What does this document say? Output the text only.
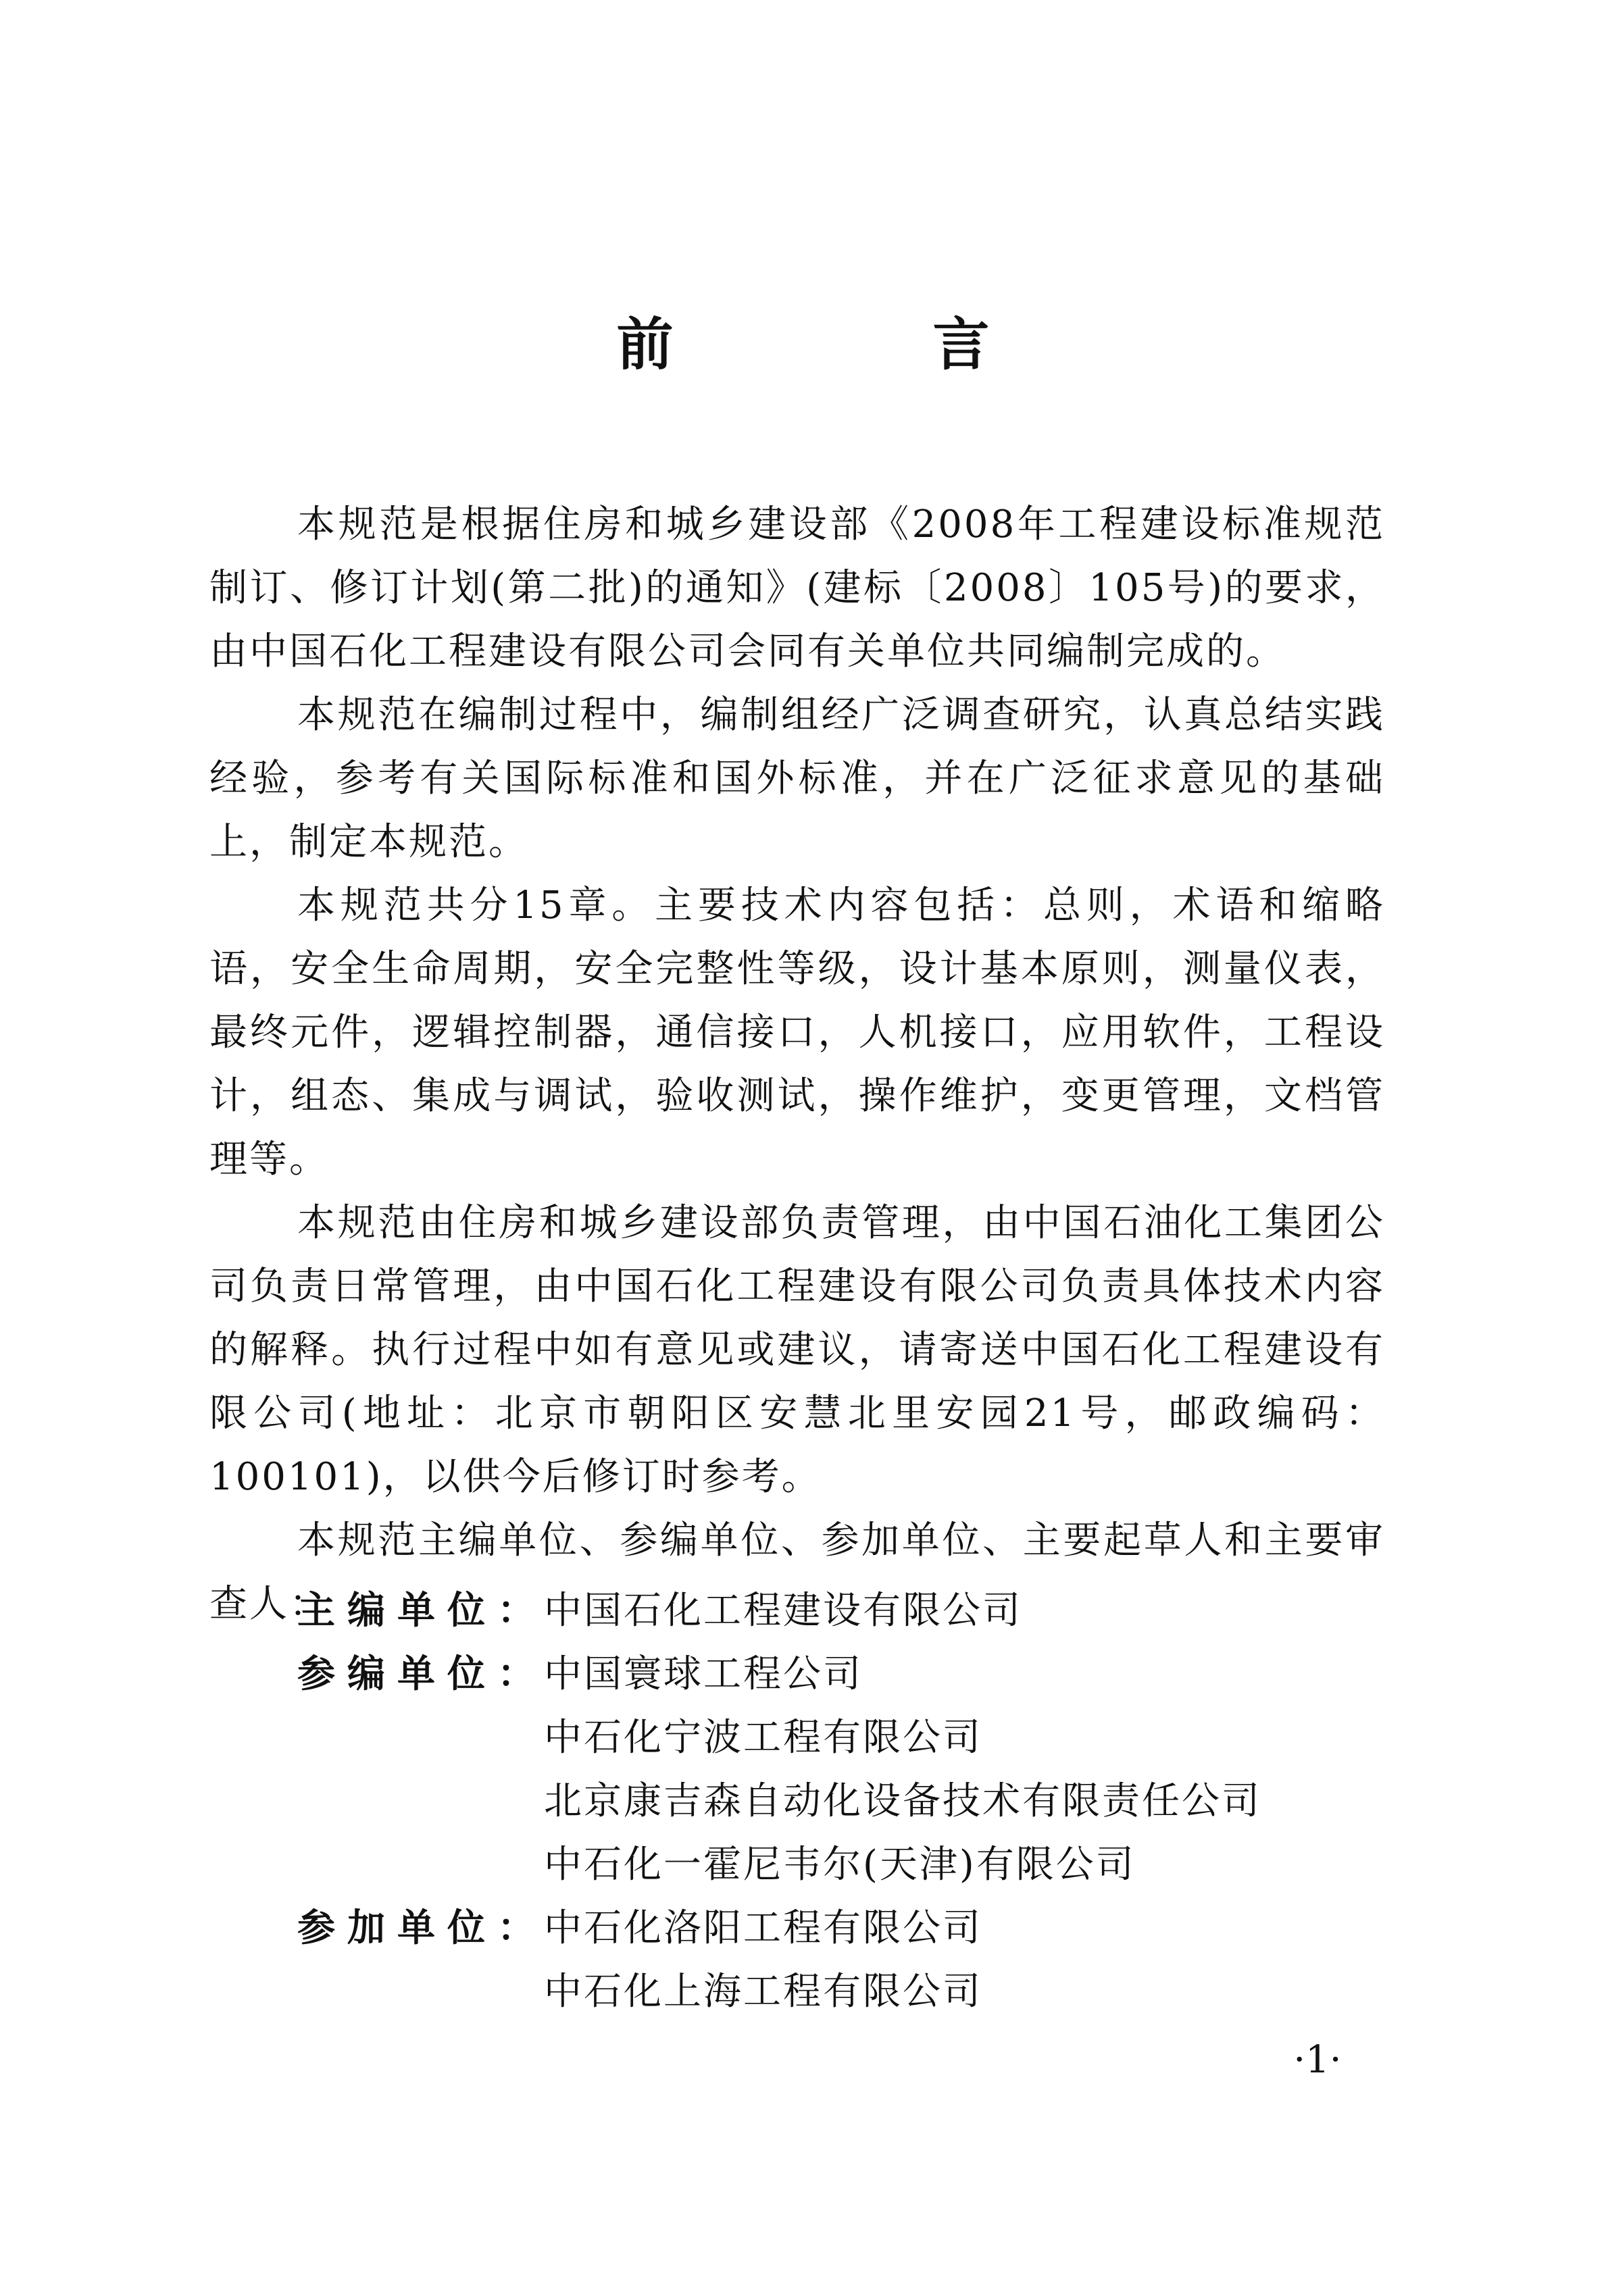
前　言

本规范是根据住房和城乡建设部《2008年工程建设标准规范制订、修订计划(第二批)的通知》(建标〔2008〕105号)的要求，由中国石化工程建设有限公司会同有关单位共同编制完成的。

本规范在编制过程中，编制组经广泛调查研究，认真总结实践经验，参考有关国际标准和国外标准，并在广泛征求意见的基础上，制定本规范。

本规范共分15章。主要技术内容包括：总则，术语和缩略语，安全生命周期，安全完整性等级，设计基本原则，测量仪表，最终元件，逻辑控制器，通信接口，人机接口，应用软件，工程设计，组态、集成与调试，验收测试，操作维护，变更管理，文档管理等。

本规范由住房和城乡建设部负责管理，由中国石油化工集团公司负责日常管理，由中国石化工程建设有限公司负责具体技术内容的解释。执行过程中如有意见或建议，请寄送中国石化工程建设有限公司(地址：北京市朝阳区安慧北里安园21号，邮政编码：100101)，以供今后修订时参考。

本规范主编单位、参编单位、参加单位、主要起草人和主要审查人：

主编单位：
中国石化工程建设有限公司
参编单位：
中国寰球工程公司
中石化宁波工程有限公司
北京康吉森自动化设备技术有限责任公司
中石化一霍尼韦尔(天津)有限公司
参加单位：
中石化洛阳工程有限公司
中石化上海工程有限公司
·1·
